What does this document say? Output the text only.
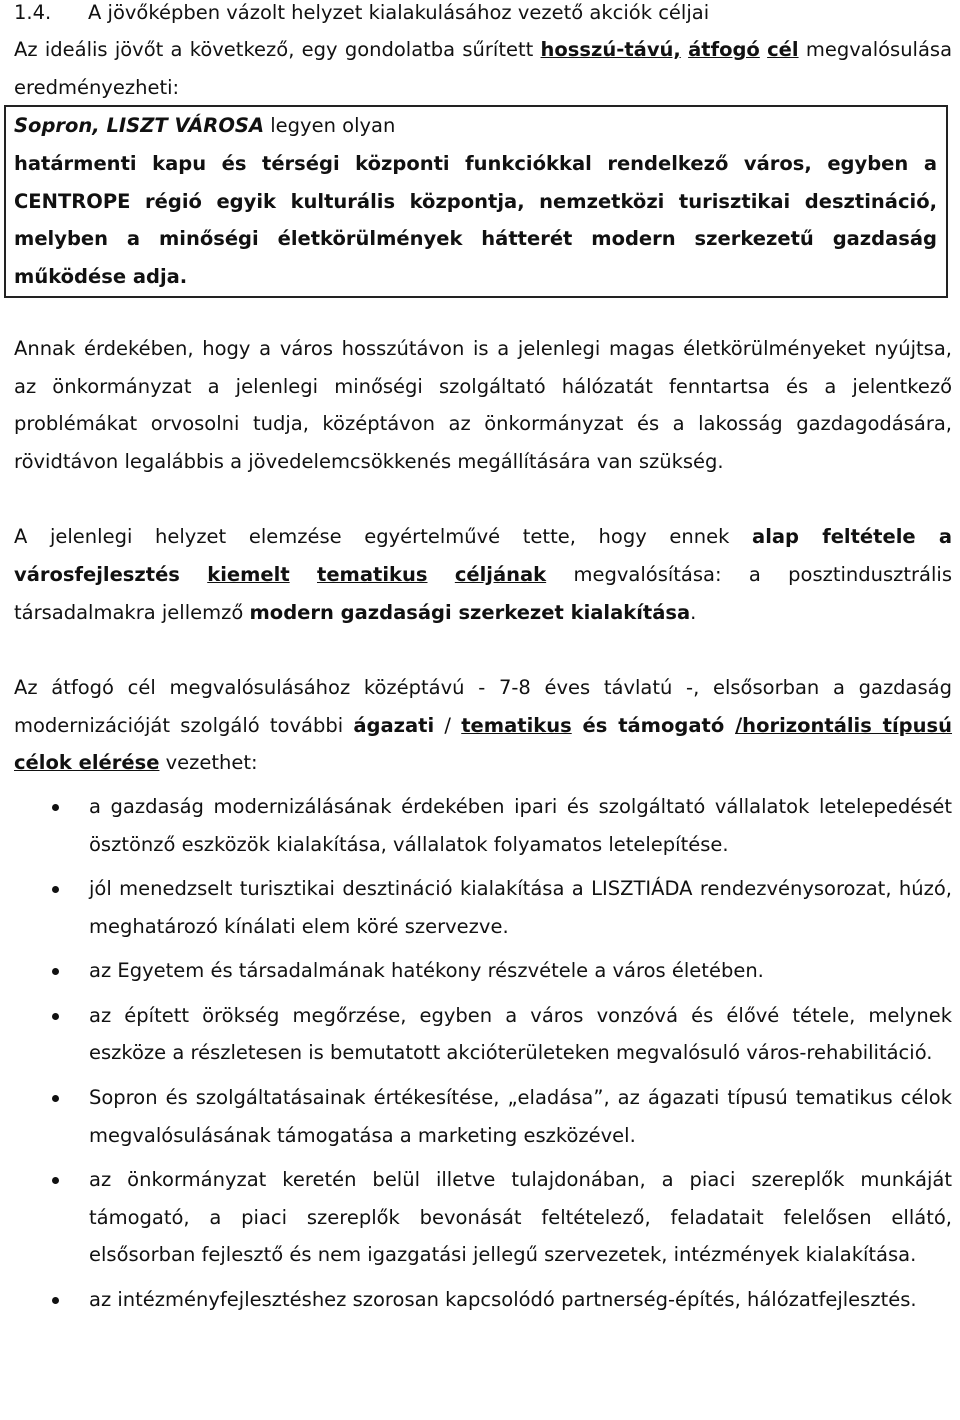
1.4. A jövőképben vázolt helyzet kialakulásához vezető akciók céljai
Az ideális jövőt a következő, egy gondolatba sűrített hosszú-távú, átfogó cél megvalósulása eredményezheti:
Sopron, LISZT VÁROSA legyen olyan
határmenti kapu és térségi központi funkciókkal rendelkező város, egyben a CENTROPE régió egyik kulturális központja, nemzetközi turisztikai desztináció, melyben a minőségi életkörülmények hátterét modern szerkezetű gazdaság működése adja.

Annak érdekében, hogy a város hosszútávon is a jelenlegi magas életkörülményeket nyújtsa, az önkormányzat a jelenlegi minőségi szolgáltató hálózatát fenntartsa és a jelentkező problémákat orvosolni tudja, középtávon az önkormányzat és a lakosság gazdagodására, rövidtávon legalábbis a jövedelemcsökkenés megállítására van szükség.

A jelenlegi helyzet elemzése egyértelművé tette, hogy ennek alap feltétele a városfejlesztés kiemelt tematikus céljának megvalósítása: a posztindusztrális társadalmakra jellemző modern gazdasági szerkezet kialakítása.

Az átfogó cél megvalósulásához középtávú - 7-8 éves távlatú -, elsősorban a gazdaság modernizációját szolgáló további ágazati / tematikus és támogató /horizontális típusú célok elérése vezethet:

a gazdaság modernizálásának érdekében ipari és szolgáltató vállalatok letelepedését ösztönző eszközök kialakítása, vállalatok folyamatos letelepítése.
jól menedzselt turisztikai desztináció kialakítása a LISZTIÁDA rendezvénysorozat, húzó, meghatározó kínálati elem köré szervezve.
az Egyetem és társadalmának hatékony részvétele a város életében.
az épített örökség megőrzése, egyben a város vonzóvá és élővé tétele, melynek eszköze a részletesen is bemutatott akcióterületeken megvalósuló város-rehabilitáció.
Sopron és szolgáltatásainak értékesítése, „eladása”, az ágazati típusú tematikus célok megvalósulásának támogatása a marketing eszközével.
az önkormányzat keretén belül illetve tulajdonában, a piaci szereplők munkáját támogató, a piaci szereplők bevonását feltételező, feladatait felelősen ellátó, elsősorban fejlesztő és nem igazgatási jellegű szervezetek, intézmények kialakítása.
az intézményfejlesztéshez szorosan kapcsolódó partnerség-építés, hálózatfejlesztés.
